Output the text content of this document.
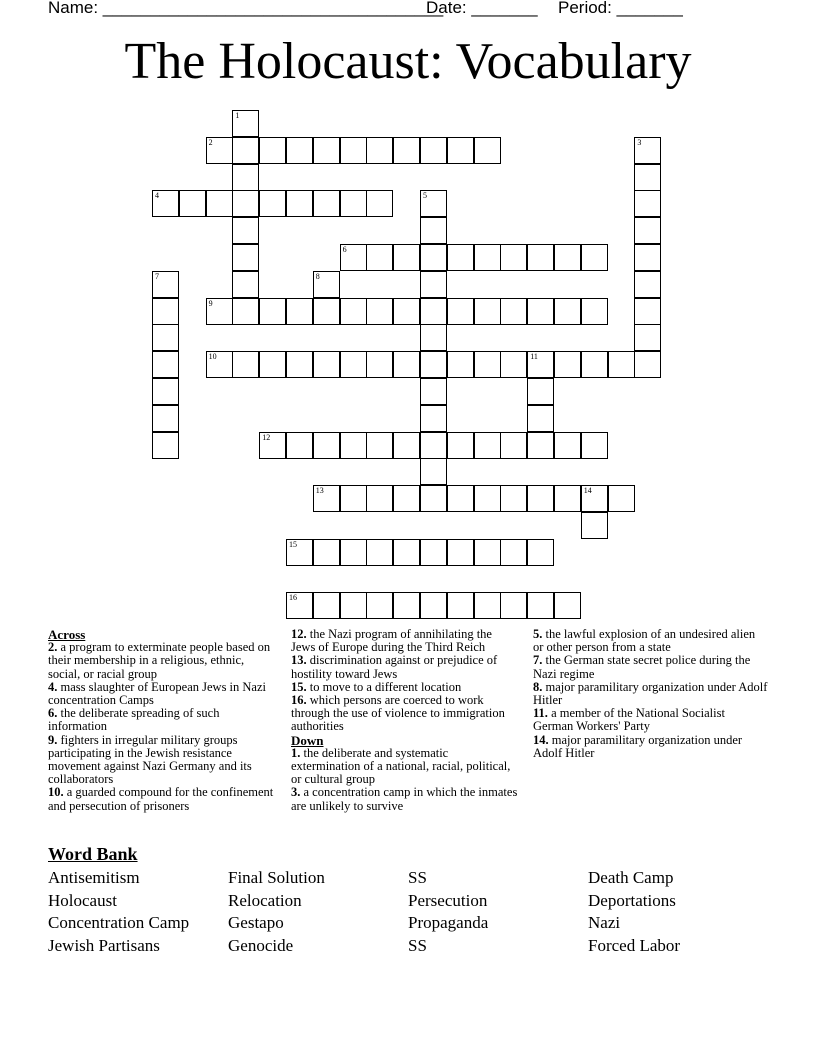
Name: ____________________________________
Date: _______ Period: _______
The Holocaust: Vocabulary
1
2	3
4	5
6
7	8
9
10	11
12
13	14
15
16

Across

2. a program to exterminate people based on their membership in a religious, ethnic, social, or racial group

4. mass slaughter of European Jews in Nazi concentration Camps

6. the deliberate spreading of such information

9. fighters in irregular military groups participating in the Jewish resistance movement against Nazi Germany and its collaborators

10. a guarded compound for the confinement and persecution of prisoners

12. the Nazi program of annihilating the Jews of Europe during the Third Reich

13. discrimination against or prejudice of hostility toward Jews

15. to move to a different location

16. which persons are coerced to work through the use of violence to immigration authorities

Down

1. the deliberate and systematic extermination of a national, racial, political, or cultural group

3. a concentration camp in which the inmates are unlikely to survive

5. the lawful explosion of an undesired alien or other person from a state

7. the German state secret police during the Nazi regime

8. major paramilitary organization under Adolf Hitler

11. a member of the National Socialist German Workers' Party

14. major paramilitary organization under Adolf Hitler

Word Bank
Antisemitism
Holocaust
Concentration Camp
Jewish Partisans
Final Solution
Relocation
Gestapo
Genocide
SS
Persecution
Propaganda
SS
Death Camp
Deportations
Nazi
Forced Labor
